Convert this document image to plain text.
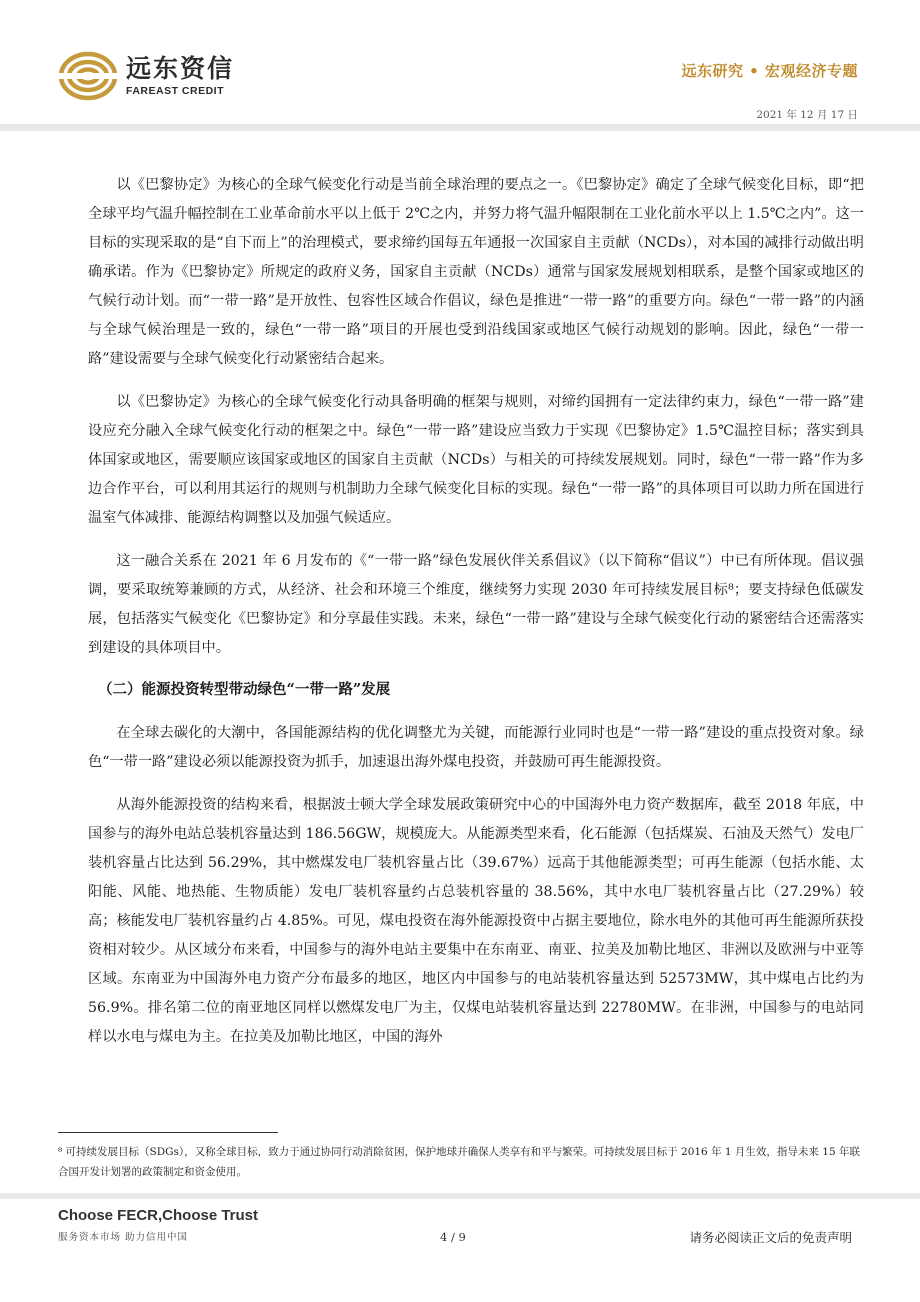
远东资信
FAREAST CREDIT
远东研究 • 宏观经济专题
2021 年 12 月 17 日

以《巴黎协定》为核心的全球气候变化行动是当前全球治理的要点之一。《巴黎协定》确定了全球气候变化目标，即“把全球平均气温升幅控制在工业革命前水平以上低于 2℃之内，并努力将气温升幅限制在工业化前水平以上 1.5℃之内”。这一目标的实现采取的是“自下而上”的治理模式，要求缔约国每五年通报一次国家自主贡献（NCDs），对本国的减排行动做出明确承诺。作为《巴黎协定》所规定的政府义务，国家自主贡献（NCDs）通常与国家发展规划相联系，是整个国家或地区的气候行动计划。而“一带一路”是开放性、包容性区域合作倡议，绿色是推进“一带一路”的重要方向。绿色“一带一路”的内涵与全球气候治理是一致的，绿色“一带一路”项目的开展也受到沿线国家或地区气候行动规划的影响。因此，绿色“一带一路”建设需要与全球气候变化行动紧密结合起来。

以《巴黎协定》为核心的全球气候变化行动具备明确的框架与规则，对缔约国拥有一定法律约束力，绿色“一带一路”建设应充分融入全球气候变化行动的框架之中。绿色“一带一路”建设应当致力于实现《巴黎协定》1.5℃温控目标；落实到具体国家或地区，需要顺应该国家或地区的国家自主贡献（NCDs）与相关的可持续发展规划。同时，绿色“一带一路”作为多边合作平台，可以利用其运行的规则与机制助力全球气候变化目标的实现。绿色“一带一路”的具体项目可以助力所在国进行温室气体减排、能源结构调整以及加强气候适应。

这一融合关系在 2021 年 6 月发布的《“一带一路”绿色发展伙伴关系倡议》（以下简称“倡议”）中已有所体现。倡议强调，要采取统筹兼顾的方式，从经济、社会和环境三个维度，继续努力实现 2030 年可持续发展目标⁸；要支持绿色低碳发展，包括落实气候变化《巴黎协定》和分享最佳实践。未来，绿色“一带一路”建设与全球气候变化行动的紧密结合还需落实到建设的具体项目中。

（二）能源投资转型带动绿色“一带一路”发展

在全球去碳化的大潮中，各国能源结构的优化调整尤为关键，而能源行业同时也是“一带一路”建设的重点投资对象。绿色“一带一路”建设必须以能源投资为抓手，加速退出海外煤电投资，并鼓励可再生能源投资。

从海外能源投资的结构来看，根据波士顿大学全球发展政策研究中心的中国海外电力资产数据库，截至 2018 年底，中国参与的海外电站总装机容量达到 186.56GW，规模庞大。从能源类型来看，化石能源（包括煤炭、石油及天然气）发电厂装机容量占比达到 56.29%，其中燃煤发电厂装机容量占比（39.67%）远高于其他能源类型；可再生能源（包括水能、太阳能、风能、地热能、生物质能）发电厂装机容量约占总装机容量的 38.56%，其中水电厂装机容量占比（27.29%）较高；核能发电厂装机容量约占 4.85%。可见，煤电投资在海外能源投资中占据主要地位，除水电外的其他可再生能源所获投资相对较少。从区域分布来看，中国参与的海外电站主要集中在东南亚、南亚、拉美及加勒比地区、非洲以及欧洲与中亚等区域。东南亚为中国海外电力资产分布最多的地区，地区内中国参与的电站装机容量达到 52573MW，其中煤电占比约为 56.9%。排名第二位的南亚地区同样以燃煤发电厂为主，仅煤电站装机容量达到 22780MW。在非洲，中国参与的电站同样以水电与煤电为主。在拉美及加勒比地区，中国的海外

⁸ 可持续发展目标（SDGs），又称全球目标，致力于通过协同行动消除贫困，保护地球并确保人类享有和平与繁荣。可持续发展目标于 2016 年 1 月生效，指导未来 15 年联合国开发计划署的政策制定和资金使用。
Choose FECR,Choose Trust
服务资本市场 助力信用中国	4 / 9	请务必阅读正文后的免责声明
